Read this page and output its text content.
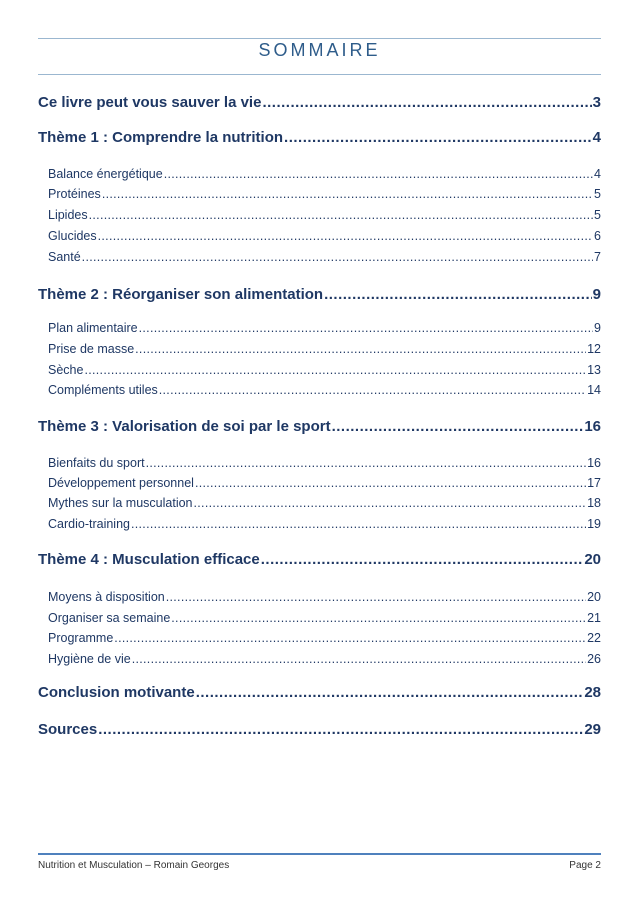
SOMMAIRE
Ce livre peut vous sauver la vie .....	3
Thème 1 : Comprendre la nutrition .....	4
Balance énergétique .....	4
Protéines .....	5
Lipides .....	5
Glucides .....	6
Santé .....	7
Thème 2 : Réorganiser son alimentation .....	9
Plan alimentaire .....	9
Prise de masse .....	12
Sèche .....	13
Compléments utiles .....	14
Thème 3 : Valorisation de soi par le sport .....	16
Bienfaits du sport .....	16
Développement personnel .....	17
Mythes sur la musculation .....	18
Cardio-training .....	19
Thème 4 : Musculation efficace .....	20
Moyens à disposition .....	20
Organiser sa semaine .....	21
Programme .....	22
Hygiène de vie .....	26
Conclusion motivante .....	28
Sources .....	29
Nutrition et Musculation – Romain Georges	Page 2
